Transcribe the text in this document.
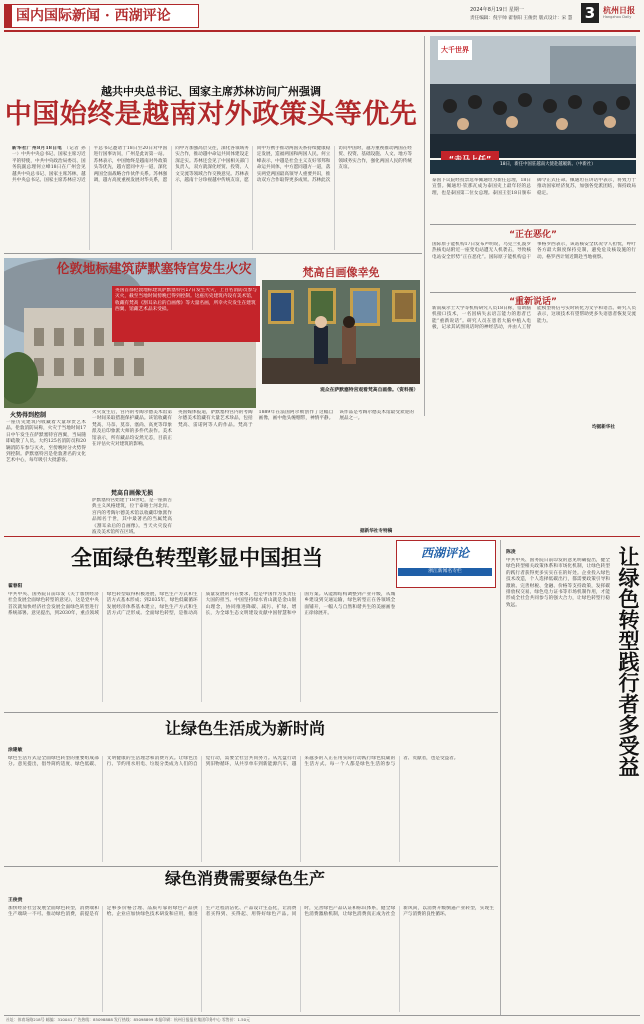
国内国际新闻 · 西湖评论	2024年8月19日 星期一
责任编辑：倪宇帅 翟春阳 王俊贵 版式设计：宋 慧 3 杭州日报
Hangzhou Daily
越共中央总书记、国家主席苏林访问广州强调
中国始终是越南对外政策头等优先
新华社广州8月18日电 （记者 孙一）中共中央总书记、国家主席习近平的特使，中共中央政治局委员、国务院副总理何立峰18日在广州会见越共中央总书记、国家主席苏林，越共中央总书记、国家主席苏林应习近平总书记邀请于18日至20日对中国进行国事访问，广州是此访第一站。苏林表示，中国始终是越南对外政策头等优先，越方愿同中方一道，深化两国全面战略合作伙伴关系。苏林强调，越方高度重视发展对华关系，愿同中方加强高层交往，深化各领域务实合作，推动越中命运共同体建设走深走实。苏林还会见了中国相关部门负责人，双方就深化经贸、投资、人文交流等领域合作交换意见。苏林表示，越南十分珍视越中传统友谊，愿同中方携手推动两国关系持续健康稳定发展，造福两国和两国人民。何立峰表示，中越是社会主义友好邻邦和命运共同体，中方愿同越方一道，落实两党两国最高领导人重要共识，推动双方合作取得更多成果。苏林此次访问中国时，越方重视推动两国在经贸、投资、基础设施、人文、地方等领域务实合作，强化两国人民的传统友谊。
大千世界
18日，新任中国驻越南大使赴越履新。（中新社）
泰国下议院经投票选举佩通坦为新任总理，18日宣誓。佩通坦·钦那瓦成为泰国史上最年轻的总理，也是泰国第二位女总理。泰国王室18日颁布御令正式任命。佩通坦在讲话中表示，将致力于推动国家经济复苏，加强各党派团结，保持政局稳定。
“正在恶化”
国际原子能机构17日发布声明说，乌克兰扎波罗热核电站附近一座变电站遭无人机袭击，导致核电站安全形势“正在恶化”。国际原子能机构总干事格罗西表示，该站核安全状况令人担忧，呼吁各方最大限度保持克制，避免危及核设施的行动。格罗西计划近期赴当地视察。
“重新说话”
新南威尔士大学等机构研究人员18日称，借助脑机接口技术，一名因病失去语言能力的患者已能“重新说话”。研究人员在患者大脑中植入电极，记录其试图说话时的神经活动，并由人工智能模型将信号实时转化为文字和语音。研究人员表示，这项技术有望帮助更多失语患者恢复交流能力。
均据新华社
伦敦地标建筑萨默塞特宫发生火灾
英国首都伦敦地标建筑萨默塞特宫17日发生火灾，上百名消防员参与灭火，截至当地时间傍晚已得到控制。这座历史建筑内设有美术馆，收藏有梵高《割耳朵后的自画像》等大量名画，所幸火灾发生在建筑西翼，馆藏艺术品未受损。
梵高自画像幸免
观众在萨默塞特宫观看梵高自画像。（资料图）
火势得到控制
一座历史建筑内收藏着大量珍贵艺术品。伦敦消防局称，火灾于当地时间17日中午发生在萨默塞特宫西翼，当局随即疏散了人员。大约125名消防员和20辆消防车参与灭火，至傍晚时分火势得到控制。萨默塞特宫是伦敦著名的文化艺术中心，每年吸引大批游客。
火灾发生后，宫内的考陶尔德美术馆第一时间采取措施保护藏品。该馆收藏有梵高、马奈、莫奈、塞尚、高更等印象派及后印象派大师的多件代表作。美术馆表示，所有藏品均安然无恙，目前正在评估火灾对建筑的影响。
梵高自画像无损
萨默塞特宫始建于18世纪，是一座新古典主义风格建筑，位于泰晤士河北岸。宫内的考陶尔德美术馆以收藏印象派作品闻名于世，其中最著名的当属梵高《割耳朵后的自画像》。当天火灾没有波及美术馆所在区域。
英国媒体报道，萨默塞特宫内的考陶尔德美术馆藏有大量艺术珍品，包括梵高、雷诺阿等人的作品。梵高于1889年在法国阿尔勒创作了这幅自画像，画中他头缠绷带，神情平静。该作品是考陶尔德美术馆最受欢迎的展品之一。
据新华社专特稿
全面绿色转型彰显中国担当	西湖评论
浙江新闻名专栏
翟春阳
中共中央、国务院日前印发《关于加快经济社会发展全面绿色转型的意见》，这是党中央首次就加快经济社会发展全面绿色转型进行系统部署。意见提出，到2030年，重点领域绿色转型取得积极进展，绿色生产方式和生活方式基本形成；到2035年，绿色低碳循环发展经济体系基本建立，绿色生产方式和生活方式广泛形成。全面绿色转型，是推动高质量发展的内在要求，也是中国作为负责任大国的担当。中国坚持绿水青山就是金山银山理念，协同推进降碳、减污、扩绿、增长，为全球生态文明建设贡献中国智慧和中国方案。从能源结构调整到产业升级，从城乡建设到交通运输，绿色转型正在各领域全面铺开，一幅人与自然和谐共生的美丽画卷正徐徐展开。
让绿色生活成为新时尚
涂建敏
绿色生活方式是全面绿色转型的重要组成部分。意见提出，倡导简约适度、绿色低碳、文明健康的生活理念和消费方式。让绿色出行、节约用水用电、垃圾分类成为人们的自觉行动，需要全社会共同努力。从光盘行动到旧物循环，从共享单车到新能源汽车，越来越多的人正在用实际行动践行绿色低碳的生活方式。每一个人都是绿色生活的参与者、贡献者，也是受益者。
绿色消费需要绿色生产
王俊贵
加快经济社会发展全面绿色转型，消费端和生产端缺一不可。推动绿色消费，前提是有足够多价格合理、品质可靠的绿色产品供给。企业应加快绿色技术研发和应用，推进生产过程清洁化、产品设计生态化，让消费者买得到、买得起、用得好绿色产品。同时，完善绿色产品认证和标识体系，健全绿色消费激励机制，让绿色消费真正成为社会新风尚，以消费升级倒逼产业转型，实现生产与消费的良性循环。
陈凌
中共中央、国务院日前印发的意见明确提出，健全绿色转型相关政策体系和市场化机制，让绿色转型的践行者获得更多实实在在的好处。企业投入绿色技术改造，个人选择低碳出行，都需要政策引导和激励。完善财税、金融、价格等支持政策，发挥碳排放权交易、绿色电力证书等市场机制作用，才能形成全社会共同参与的强大合力，让绿色转型行稳致远。	让绿色转型践行者多受益
社址：体育场路218号 邮编：310041 广告热线：85098888 发行热线：85098899 本报印刷：杭州日报报业集团印务中心 零售价：1.50元
